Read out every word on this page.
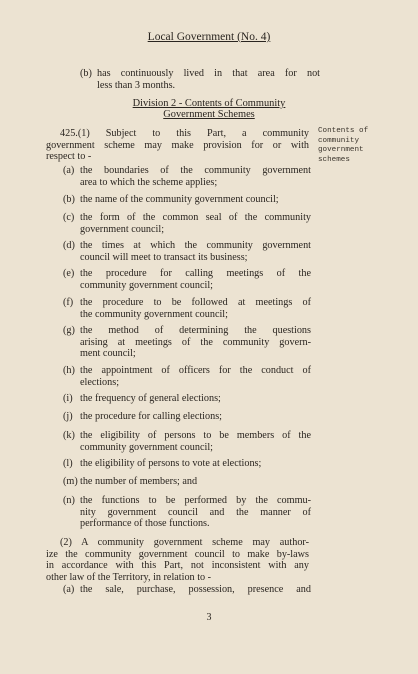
Local Government (No. 4)
(b) has continuously lived in that area for not
less than 3 months.
Division 2 - Contents of Community
Government Schemes
425.(1) Subject to this Part, a community
government scheme may make provision for or with
respect to -
Contents of
community
government
schemes
(a) the boundaries of the community government
area to which the scheme applies;
(b) the name of the community government council;
(c) the form of the common seal of the community
government council;
(d) the times at which the community government
council will meet to transact its business;
(e) the procedure for calling meetings of the
community government council;
(f) the procedure to be followed at meetings of
the community government council;
(g) the method of determining the questions
arising at meetings of the community govern-
ment council;
(h) the appointment of officers for the conduct of
elections;
(i) the frequency of general elections;
(j) the procedure for calling elections;
(k) the eligibility of persons to be members of the
community government council;
(l) the eligibility of persons to vote at elections;
(m) the number of members; and
(n) the functions to be performed by the commu-
nity government council and the manner of
performance of those functions.
(2) A community government scheme may author-
ize the community government council to make by-laws
in accordance with this Part, not inconsistent with any
other law of the Territory, in relation to -
(a) the sale, purchase, possession, presence and
3
